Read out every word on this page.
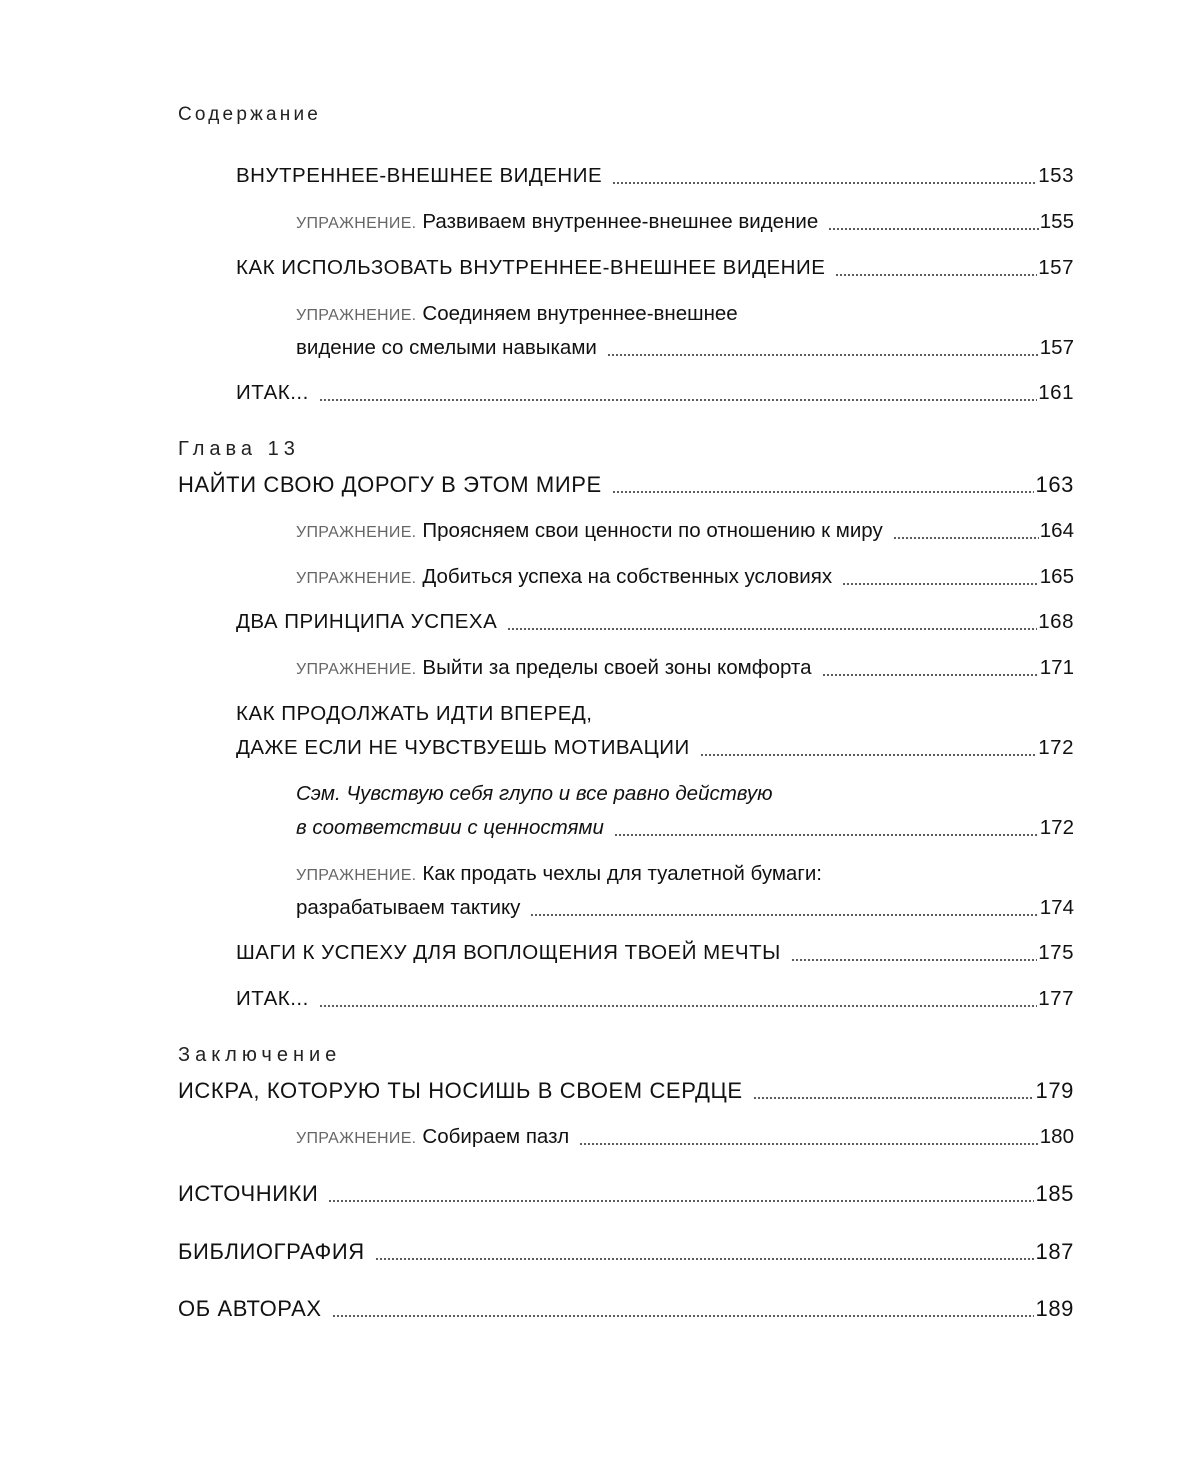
Содержание
ВНУТРЕННЕЕ-ВНЕШНЕЕ ВИДЕНИЕ	153
УПРАЖНЕНИЕ. Развиваем внутреннее-внешнее видение	155
КАК ИСПОЛЬЗОВАТЬ ВНУТРЕННЕЕ-ВНЕШНЕЕ ВИДЕНИЕ	157
УПРАЖНЕНИЕ. Соединяем внутреннее-внешнее
видение со смелыми навыками	157
ИТАК...	161
Глава 13
НАЙТИ СВОЮ ДОРОГУ В ЭТОМ МИРЕ	163
УПРАЖНЕНИЕ. Проясняем свои ценности по отношению к миру	164
УПРАЖНЕНИЕ. Добиться успеха на собственных условиях	165
ДВА ПРИНЦИПА УСПЕХА	168
УПРАЖНЕНИЕ. Выйти за пределы своей зоны комфорта	171
КАК ПРОДОЛЖАТЬ ИДТИ ВПЕРЕД,
ДАЖЕ ЕСЛИ НЕ ЧУВСТВУЕШЬ МОТИВАЦИИ	172
Сэм. Чувствую себя глупо и все равно действую
в соответствии с ценностями	172
УПРАЖНЕНИЕ. Как продать чехлы для туалетной бумаги:
разрабатываем тактику	174
ШАГИ К УСПЕХУ ДЛЯ ВОПЛОЩЕНИЯ ТВОЕЙ МЕЧТЫ	175
ИТАК...	177
Заключение
ИСКРА, КОТОРУЮ ТЫ НОСИШЬ В СВОЕМ СЕРДЦЕ	179
УПРАЖНЕНИЕ. Собираем пазл	180
ИСТОЧНИКИ	185
БИБЛИОГРАФИЯ	187
ОБ АВТОРАХ	189
